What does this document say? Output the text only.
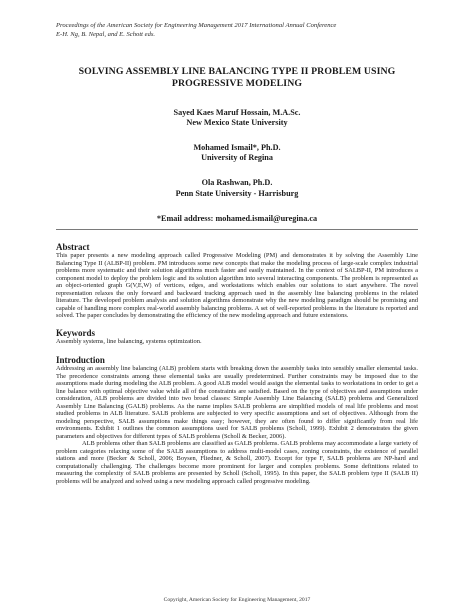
Proceedings of the American Society for Engineering Management 2017 International Annual Conference
E-H. Ng, B. Nepal, and E. Schott eds.
SOLVING ASSEMBLY LINE BALANCING TYPE II PROBLEM USING PROGRESSIVE MODELING
Sayed Kaes Maruf Hossain, M.A.Sc.
New Mexico State University
Mohamed Ismail*, Ph.D.
University of Regina
Ola Rashwan, Ph.D.
Penn State University - Harrisburg
*Email address: mohamed.ismail@uregina.ca
Abstract

This paper presents a new modeling approach called Progressive Modeling (PM) and demonstrates it by solving the Assembly Line Balancing Type II (ALBP-II) problem. PM introduces some new concepts that make the modeling process of large-scale complex industrial problems more systematic and their solution algorithms much faster and easily maintained. In the context of SALBP-II, PM introduces a component model to deploy the problem logic and its solution algorithm into several interacting components. The problem is represented as an object-oriented graph G(V,E,W) of vertices, edges, and workstations which enables our solutions to start anywhere. The novel representation relaxes the only forward and backward tracking approach used in the assembly line balancing problems in the related literature. The developed problem analysis and solution algorithms demonstrate why the new modeling paradigm should be promising and capable of handling more complex real-world assembly balancing problems. A set of well-reported problems in the literature is reported and solved. The paper concludes by demonstrating the efficiency of the new modeling approach and future extensions.

Keywords

Assembly systems, line balancing, systems optimization.

Introduction

Addressing an assembly line balancing (ALB) problem starts with breaking down the assembly tasks into sensibly smaller elemental tasks. The precedence constraints among these elemental tasks are usually predetermined. Further constraints may be imposed due to the assumptions made during modeling the ALB problem. A good ALB model would assign the elemental tasks to workstations in order to get a line balance with optimal objective value while all of the constraints are satisfied. Based on the type of objectives and assumptions under consideration, ALB problems are divided into two broad classes: Simple Assembly Line Balancing (SALB) problems and Generalized Assembly Line Balancing (GALB) problems. As the name implies SALB problems are simplified models of real life problems and most studied problems in ALB literature. SALB problems are subjected to very specific assumptions and set of objectives. Although from the modeling perspective, SALB assumptions make things easy; however, they are often found to differ significantly from real life environments. Exhibit 1 outlines the common assumptions used for SALB problems (Scholl, 1999). Exhibit 2 demonstrates the given parameters and objectives for different types of SALB problems (Scholl & Becker, 2006).

ALB problems other than SALB problems are classified as GALB problems. GALB problems may accommodate a large variety of problem categories relaxing some of the SALB assumptions to address multi-model cases, zoning constraints, the existence of parallel stations and more (Becker & Scholl, 2006; Boysen, Fliedner, & Scholl, 2007). Except for type F, SALB problems are NP-hard and computationally challenging. The challenges become more prominent for larger and complex problems. Some definitions related to measuring the complexity of SALB problems are presented by Scholl (Scholl, 1995). In this paper, the SALB problem type II (SALB II) problems will be analyzed and solved using a new modeling approach called progressive modeling.

Copyright, American Society for Engineering Management, 2017
